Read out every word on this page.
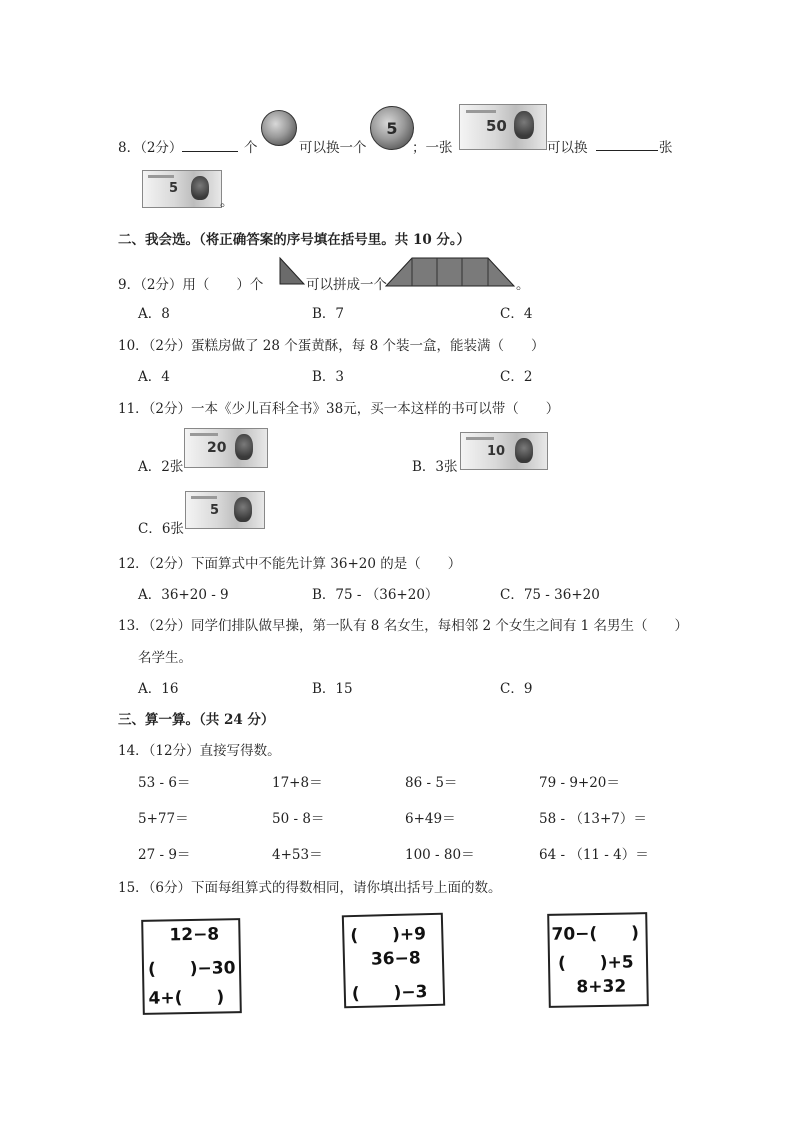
8．（2分）	个	可以换一个
5
；一张
50
可以换	张
5
。
二、我会选。（将正确答案的序号填在括号里。共 10 分。）
9．（2分）用（　　）个	可以拼成一个	。
A．8	B．7	C．4
10．（2分）蛋糕房做了 28 个蛋黄酥，每 8 个装一盒，能装满（　　）
A．4	B．3	C．2
11．（2分）一本《少儿百科全书》38元，买一本这样的书可以带（　　）
A．2张
20
B．3张
10
C．6张
5
12．（2分）下面算式中不能先计算 36+20 的是（　　）
A．36+20 - 9	B．75 - （36+20）	C．75 - 36+20
13．（2分）同学们排队做早操，第一队有 8 名女生，每相邻 2 个女生之间有 1 名男生（　　）
名学生。
A．16	B．15	C．9
三、算一算。（共 24 分）
14．（12分）直接写得数。
53 - 6＝	17+8＝	86 - 5＝	79 - 9+20＝
5+77＝	50 - 8＝	6+49＝	58 - （13+7）＝
27 - 9＝	4+53＝	100 - 80＝	64 - （11 - 4）＝
15．（6分）下面每组算式的得数相同，请你填出括号上面的数。
12−8
(　　)−30
4+(　　)
(　　)+9
36−8
(　　)−3
70−(　　)
(　　)+5
8+32
